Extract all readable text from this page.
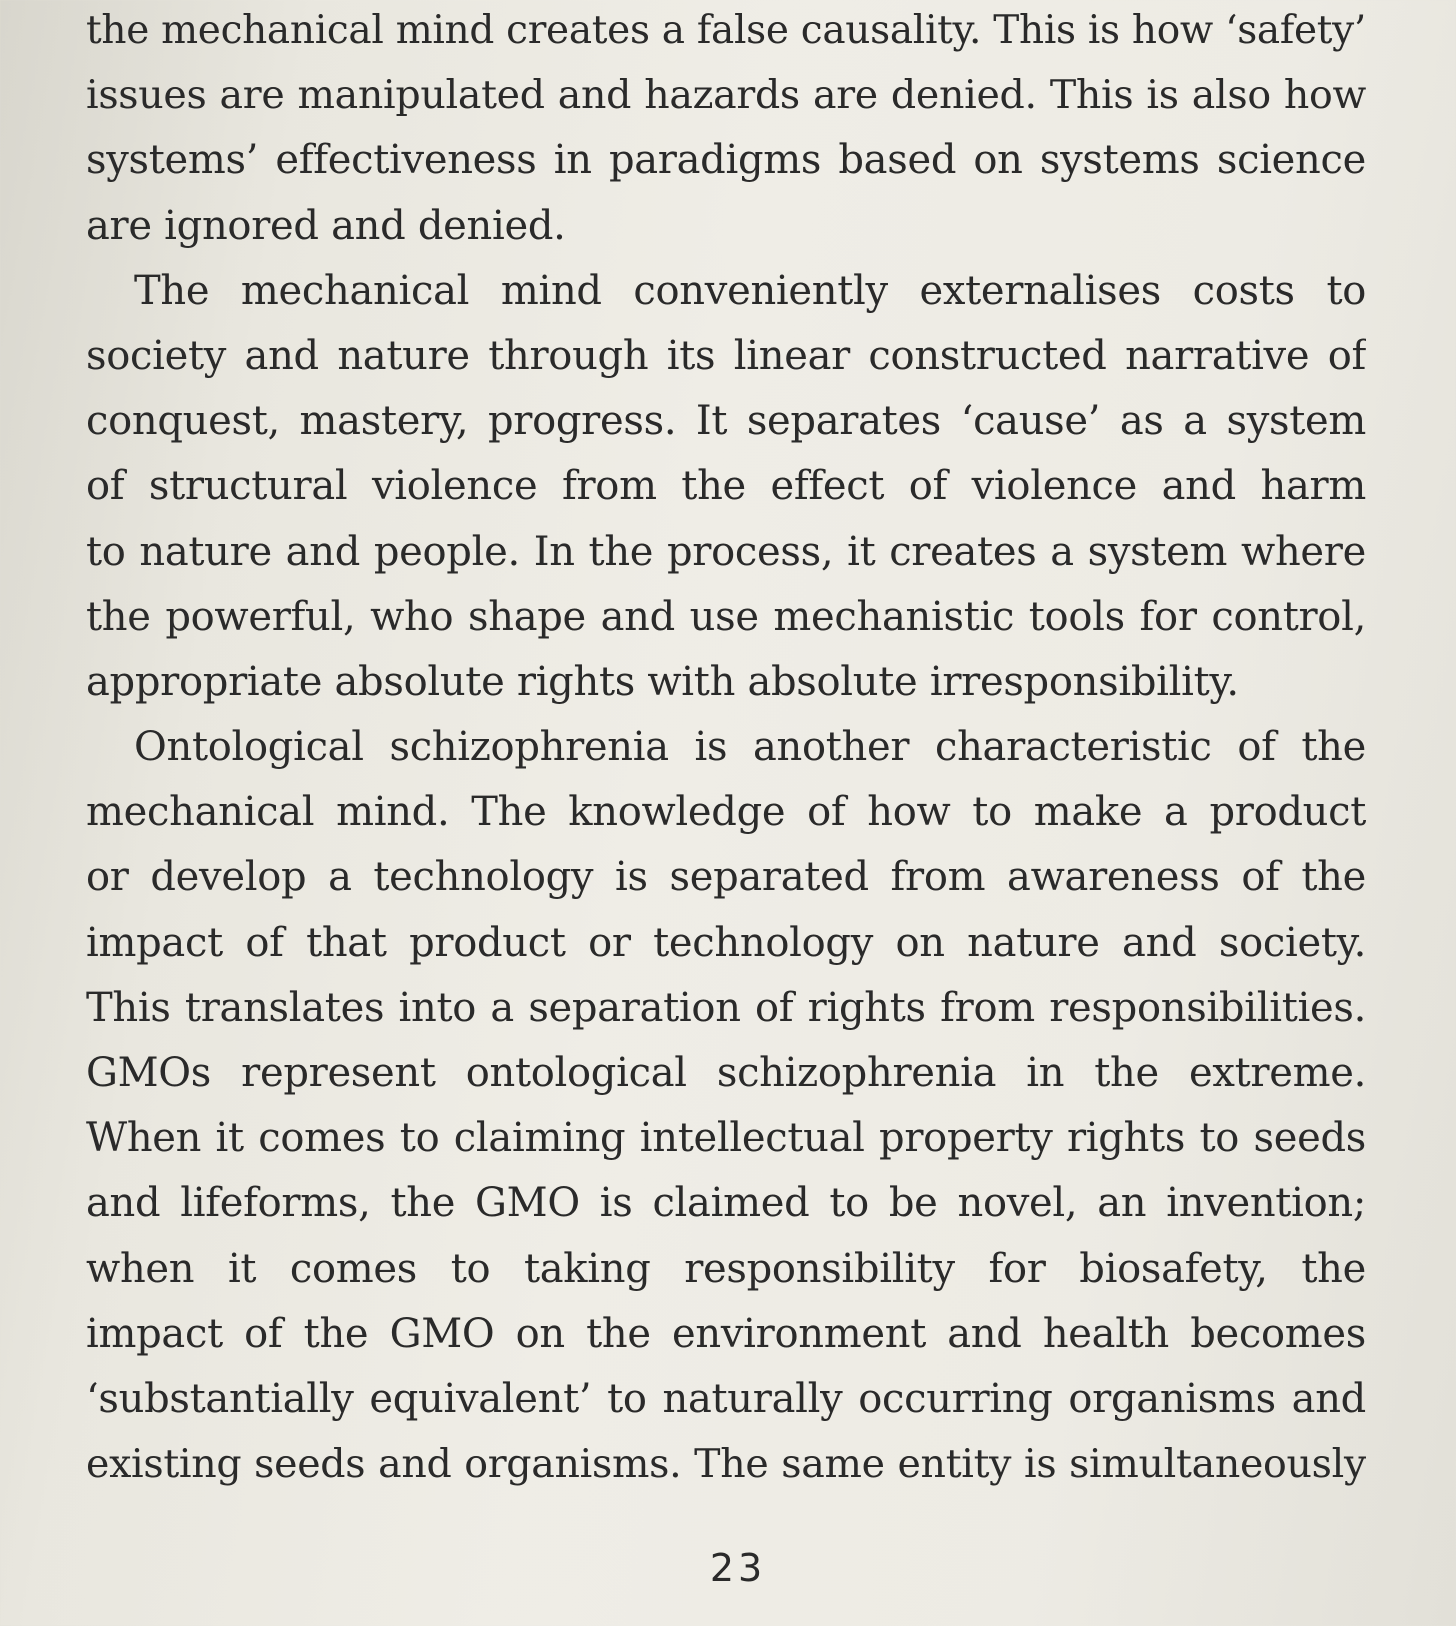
the mechanical mind creates a false causality. This is how ‘safety’
issues are manipulated and hazards are denied. This is also how
systems’ effectiveness in paradigms based on systems science
are ignored and denied.
The mechanical mind conveniently externalises costs to
society and nature through its linear constructed narrative of
conquest, mastery, progress. It separates ‘cause’ as a system
of structural violence from the effect of violence and harm
to nature and people. In the process, it creates a system where
the powerful, who shape and use mechanistic tools for control,
appropriate absolute rights with absolute irresponsibility.
Ontological schizophrenia is another characteristic of the
mechanical mind. The knowledge of how to make a product
or develop a technology is separated from awareness of the
impact of that product or technology on nature and society.
This translates into a separation of rights from responsibilities.
GMOs represent ontological schizophrenia in the extreme.
When it comes to claiming intellectual property rights to seeds
and lifeforms, the GMO is claimed to be novel, an invention;
when it comes to taking responsibility for biosafety, the
impact of the GMO on the environment and health becomes
‘substantially equivalent’ to naturally occurring organisms and
existing seeds and organisms. The same entity is simultaneously
23
